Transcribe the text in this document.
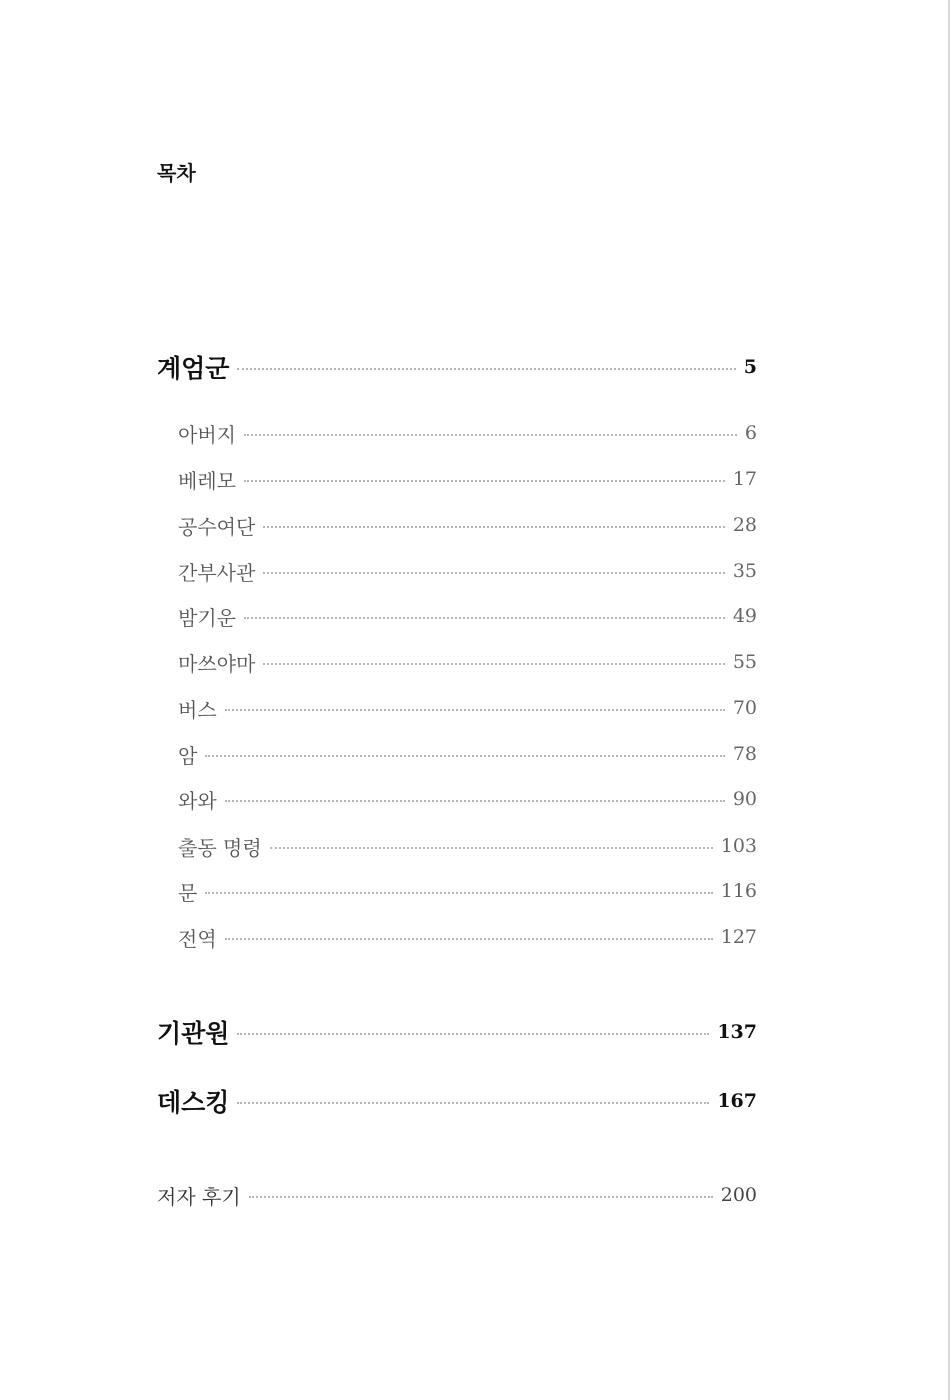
목차
계엄군	5
아버지	6
베레모	17
공수여단	28
간부사관	35
밤기운	49
마쓰야마	55
버스	70
암	78
와와	90
출동 명령	103
문	116
전역	127
기관원	137
데스킹	167
저자 후기	200
